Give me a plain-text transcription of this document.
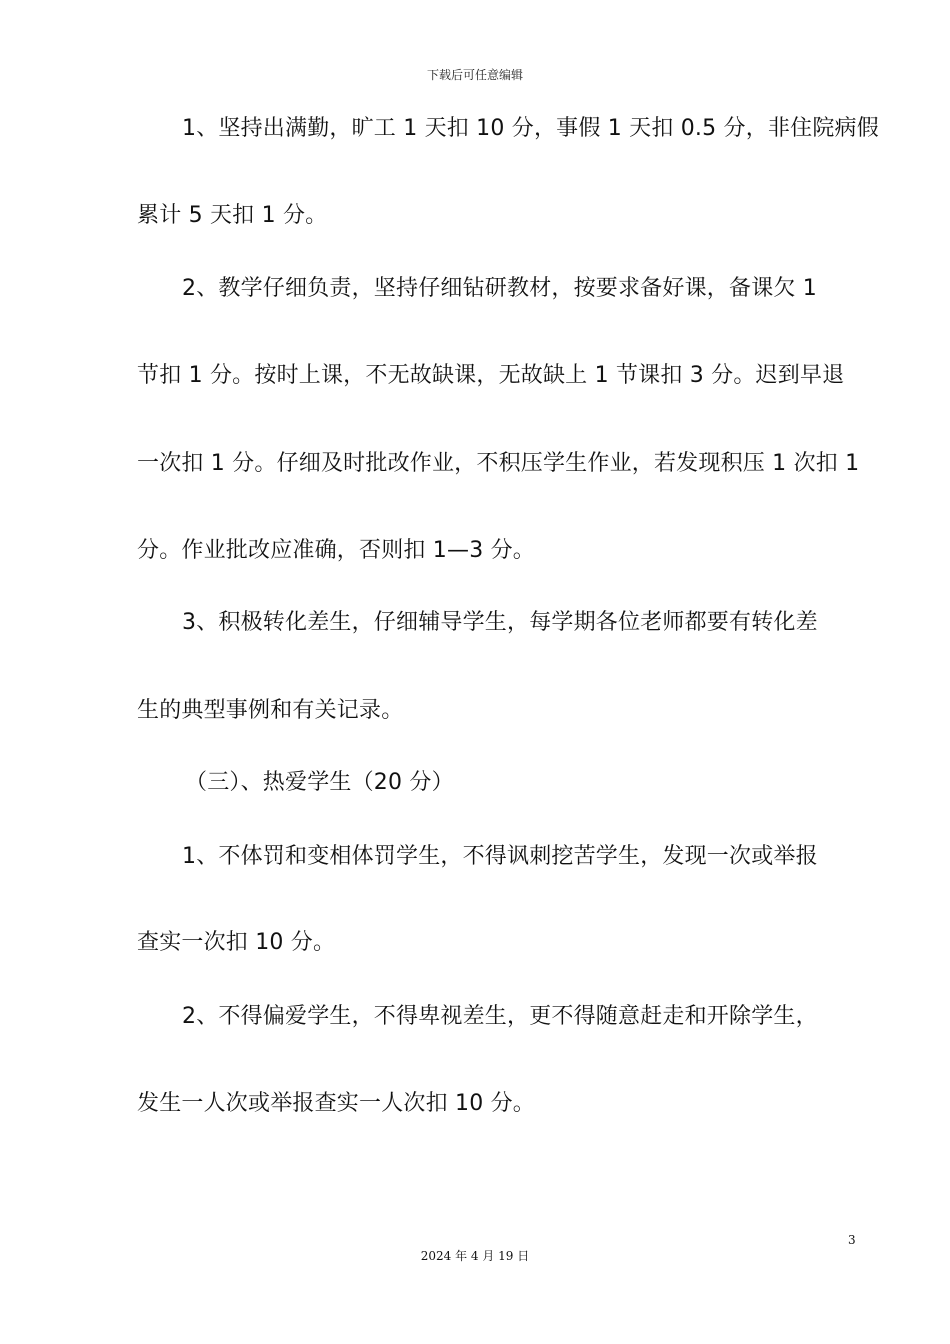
下载后可任意编辑
1、坚持出满勤，旷工 1 天扣 10 分，事假 1 天扣 0.5 分，非住院病假
累计 5 天扣 1 分。
2、教学仔细负责，坚持仔细钻研教材，按要求备好课，备课欠 1
节扣 1 分。按时上课，不无故缺课，无故缺上 1 节课扣 3 分。迟到早退
一次扣 1 分。仔细及时批改作业，不积压学生作业，若发现积压 1 次扣 1
分。作业批改应准确，否则扣 1—3 分。
3、积极转化差生，仔细辅导学生，每学期各位老师都要有转化差
生的典型事例和有关记录。
（三）、热爱学生（20 分）
1、不体罚和变相体罚学生，不得讽刺挖苦学生，发现一次或举报
查实一次扣 10 分。
2、不得偏爱学生，不得卑视差生，更不得随意赶走和开除学生，
发生一人次或举报查实一人次扣 10 分。
3
2024 年 4 月 19 日
